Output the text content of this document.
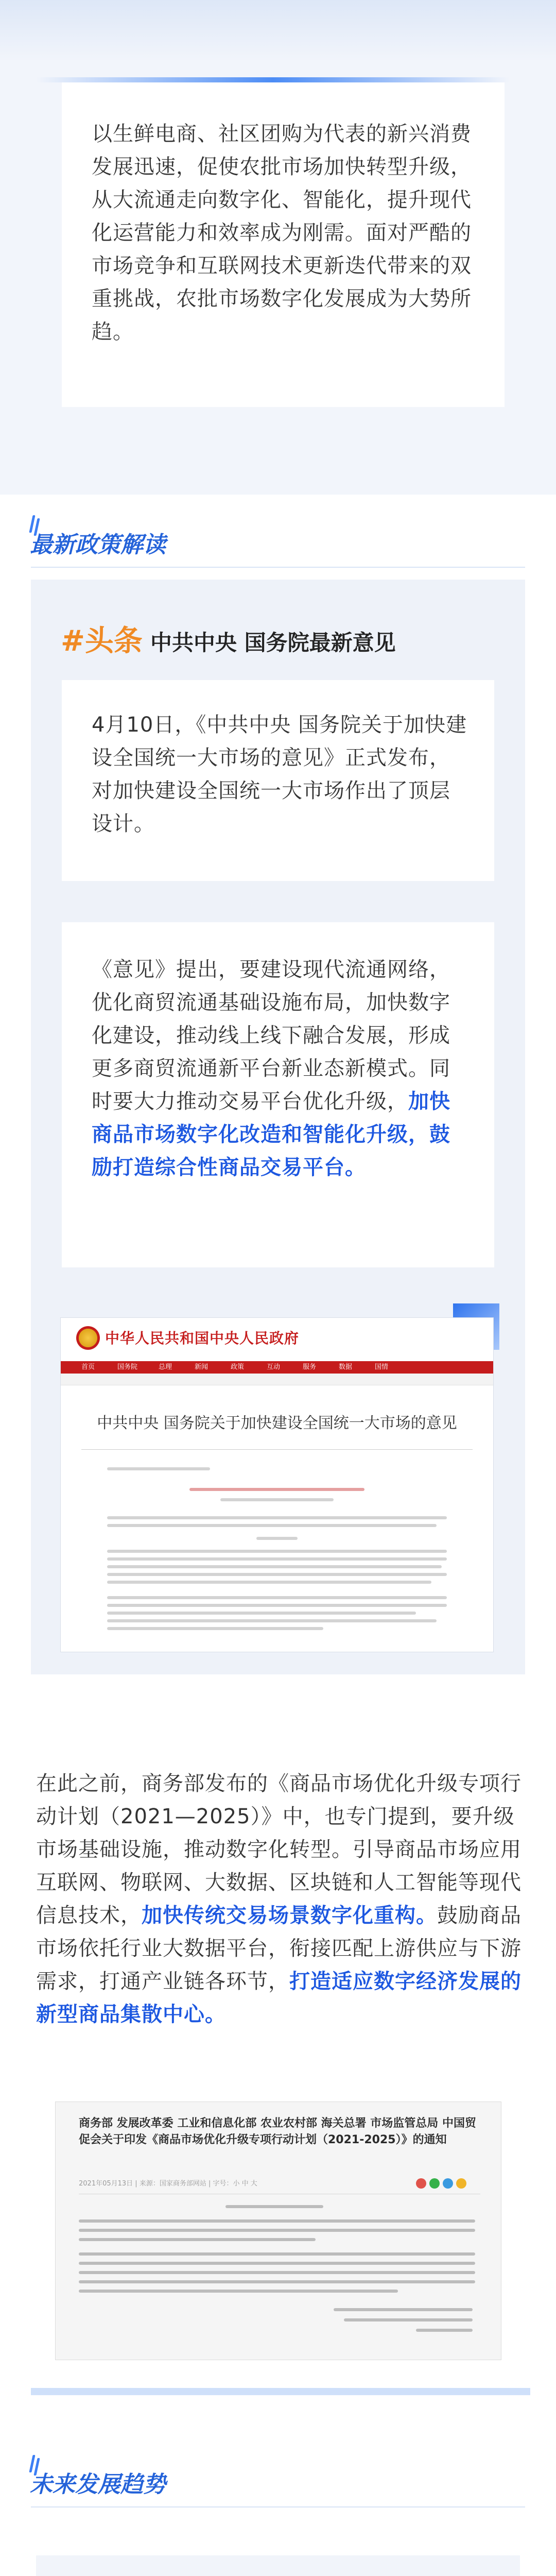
以生鲜电商、社区团购为代表的新兴消费发展迅速，促使农批市场加快转型升级，从大流通走向数字化、智能化，提升现代化运营能力和效率成为刚需。面对严酷的市场竞争和互联网技术更新迭代带来的双重挑战，农批市场数字化发展成为大势所趋。

最新政策解读
#头条 中共中央 国务院最新意见

4月10日，《中共中央 国务院关于加快建设全国统一大市场的意见》正式发布，对加快建设全国统一大市场作出了顶层设计。

《意见》提出，要建设现代流通网络，优化商贸流通基础设施布局，加快数字化建设，推动线上线下融合发展，形成更多商贸流通新平台新业态新模式。同时要大力推动交易平台优化升级，加快商品市场数字化改造和智能化升级，鼓励打造综合性商品交易平台。

中华人民共和国中央人民政府
首页	国务院	总理	新闻	政策	互动	服务	数据	国情
中共中央 国务院关于加快建设全国统一大市场的意见

在此之前，商务部发布的《商品市场优化升级专项行动计划（2021—2025）》中，也专门提到，要升级市场基础设施，推动数字化转型。引导商品市场应用互联网、物联网、大数据、区块链和人工智能等现代信息技术，加快传统交易场景数字化重构。鼓励商品市场依托行业大数据平台，衔接匹配上游供应与下游需求，打通产业链各环节，打造适应数字经济发展的新型商品集散中心。

商务部 发展改革委 工业和信息化部 农业农村部 海关总署 市场监管总局 中国贸促会关于印发《商品市场优化升级专项行动计划（2021-2025）》的通知
2021年05月13日 | 来源：国家商务部网站 | 字号：小 中 大
未来发展趋势
